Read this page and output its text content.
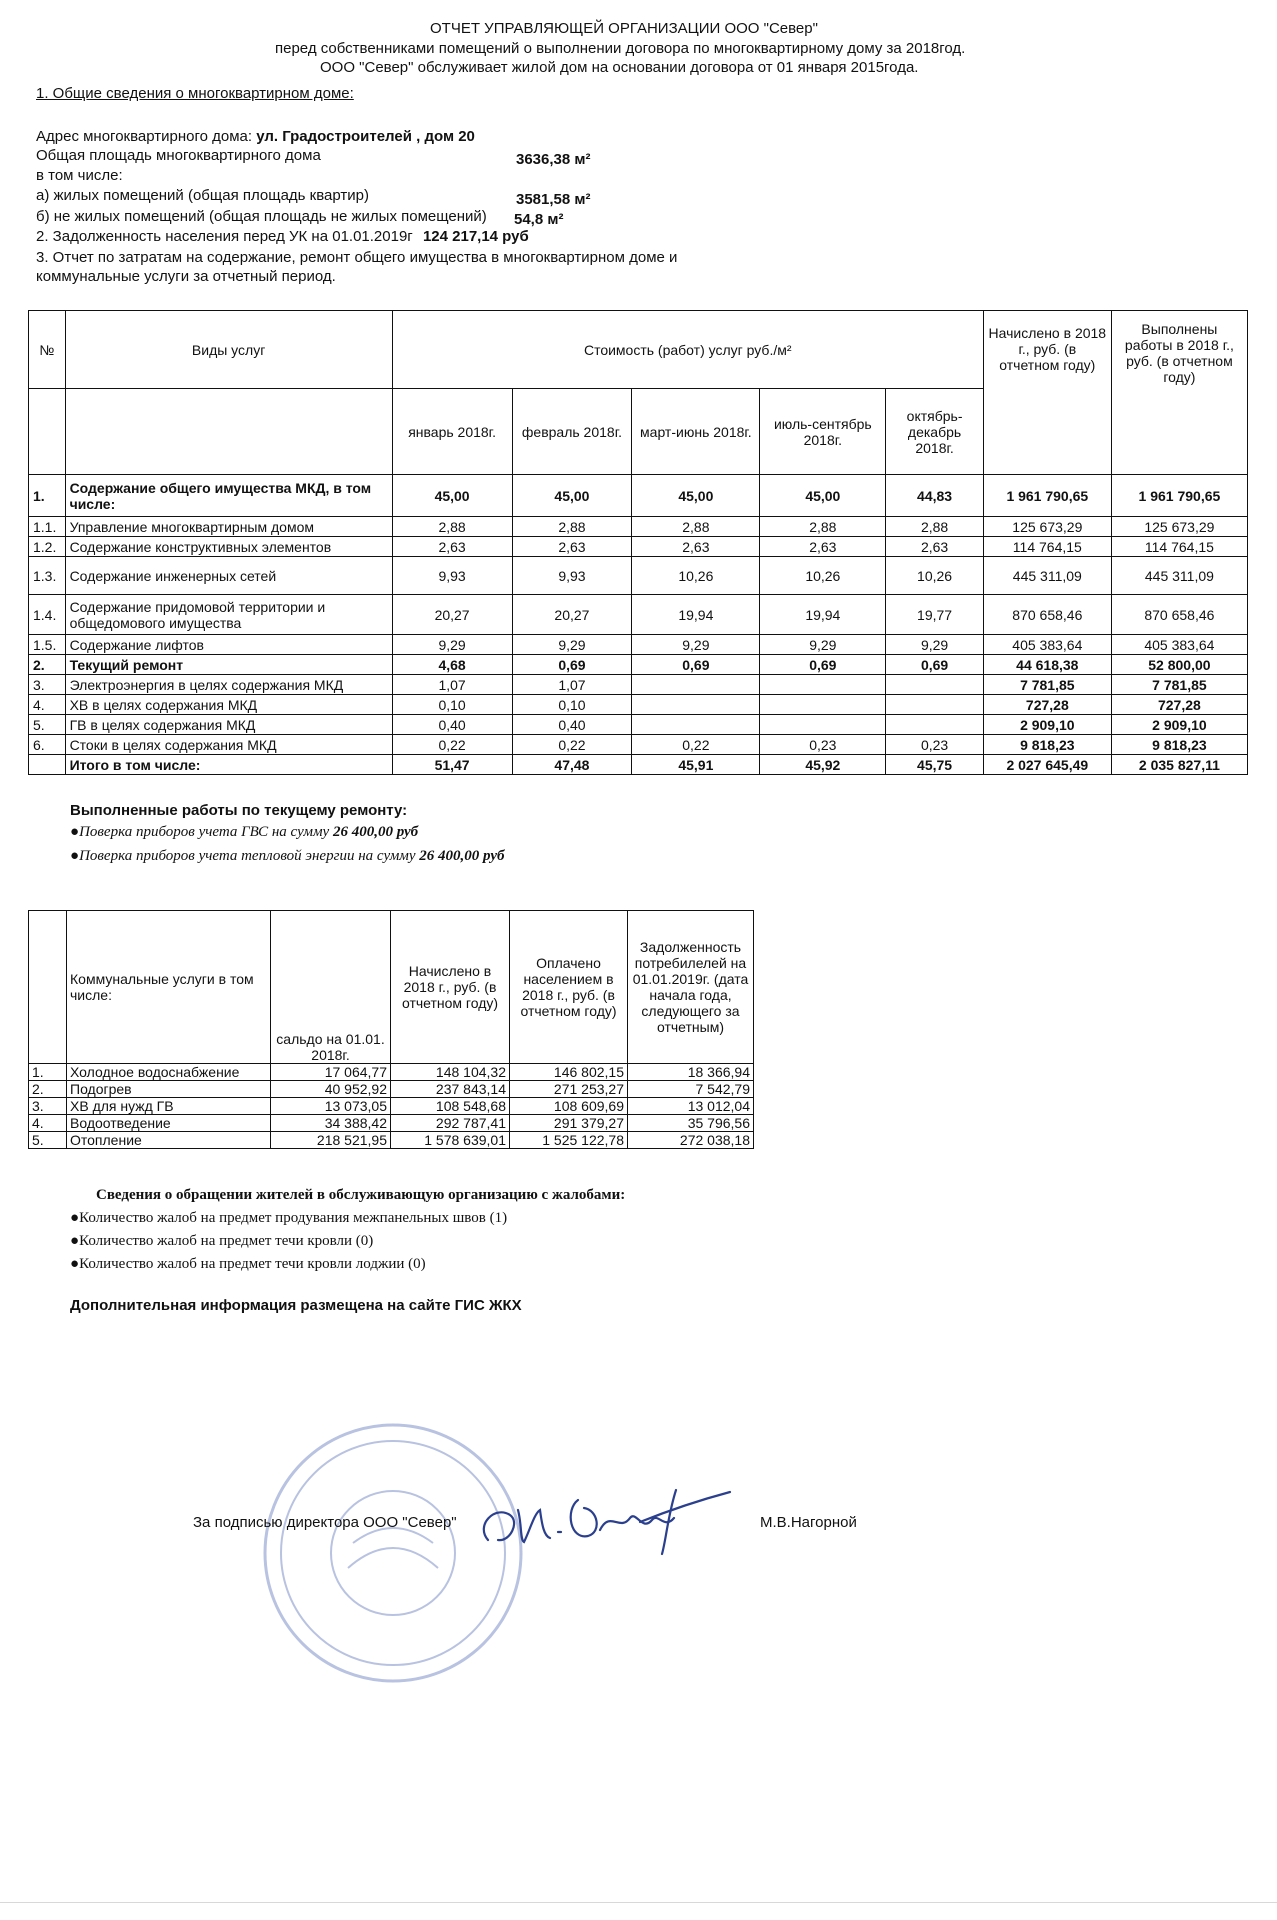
ОТЧЕТ УПРАВЛЯЮЩЕЙ ОРГАНИЗАЦИИ ООО "Север"
перед собственниками помещений о выполнении договора по многоквартирному дому за 2018год.
ООО "Север" обслуживает жилой дом на основании договора от 01 января 2015года.
1. Общие сведения о многоквартирном доме:
Адрес многоквартирного дома: ул. Градостроителей , дом 20
Общая площадь многоквартирного дома	3636,38 м²
в том числе:
а) жилых помещений (общая площадь квартир)	3581,58 м²
б) не жилых помещений (общая площадь не жилых помещений) 54,8 м²
2. Задолженность населения перед УК на 01.01.2019г 124 217,14 руб
3. Отчет по затратам на содержание, ремонт общего имущества в многоквартирном доме и
коммунальные услуги за отчетный период.
№	Виды услуг	Стоимость (работ) услуг руб./м²					Начислено в 2018 г., руб. (в отчетном году)	Выполнены работы в 2018 г., руб. (в отчетном году)
		январь 2018г.	февраль 2018г.	март-июнь 2018г.	июль-сентябрь 2018г.	октябрь-декабрь 2018г.		
1.	Содержание общего имущества МКД, в том числе:	45,00	45,00	45,00	45,00	44,83	1 961 790,65	1 961 790,65
1.1.	Управление многоквартирным домом	2,88	2,88	2,88	2,88	2,88	125 673,29	125 673,29
1.2.	Содержание конструктивных элементов	2,63	2,63	2,63	2,63	2,63	114 764,15	114 764,15
1.3.	Содержание инженерных сетей	9,93	9,93	10,26	10,26	10,26	445 311,09	445 311,09
1.4.	Содержание придомовой территории и общедомового имущества	20,27	20,27	19,94	19,94	19,77	870 658,46	870 658,46
1.5.	Содержание лифтов	9,29	9,29	9,29	9,29	9,29	405 383,64	405 383,64
2.	Текущий ремонт	4,68	0,69	0,69	0,69	0,69	44 618,38	52 800,00
3.	Электроэнергия в целях содержания МКД	1,07	1,07				7 781,85	7 781,85
4.	ХВ в целях содержания МКД	0,10	0,10				727,28	727,28
5.	ГВ в целях содержания МКД	0,40	0,40				2 909,10	2 909,10
6.	Стоки в целях содержания МКД	0,22	0,22	0,22	0,23	0,23	9 818,23	9 818,23
	Итого в том числе:	51,47	47,48	45,91	45,92	45,75	2 027 645,49	2 035 827,11
Выполненные работы по текущему ремонту:
●Поверка приборов учета ГВС на сумму 26 400,00 руб
●Поверка приборов учета тепловой энергии на сумму 26 400,00 руб
	Коммунальные услуги в том числе:	сальдо на 01.01. 2018г.	Начислено в 2018 г., руб. (в отчетном году)	Оплачено населением в 2018 г., руб. (в отчетном году)	Задолженность потребилелей на 01.01.2019г. (дата начала года, следующего за отчетным)
1.	Холодное водоснабжение	17 064,77	148 104,32	146 802,15	18 366,94
2.	Подогрев	40 952,92	237 843,14	271 253,27	7 542,79
3.	ХВ для нужд ГВ	13 073,05	108 548,68	108 609,69	13 012,04
4.	Водоотведение	34 388,42	292 787,41	291 379,27	35 796,56
5.	Отопление	218 521,95	1 578 639,01	1 525 122,78	272 038,18
Сведения о обращении жителей в обслуживающую организацию с жалобами:
●Количество жалоб на предмет продувания межпанельных швов (1)
●Количество жалоб на предмет течи кровли (0)
●Количество жалоб на предмет течи кровли лоджии (0)
Дополнительная информация размещена на сайте ГИС ЖКХ
За подписью директора ООО "Север"	М.В.Нагорной
